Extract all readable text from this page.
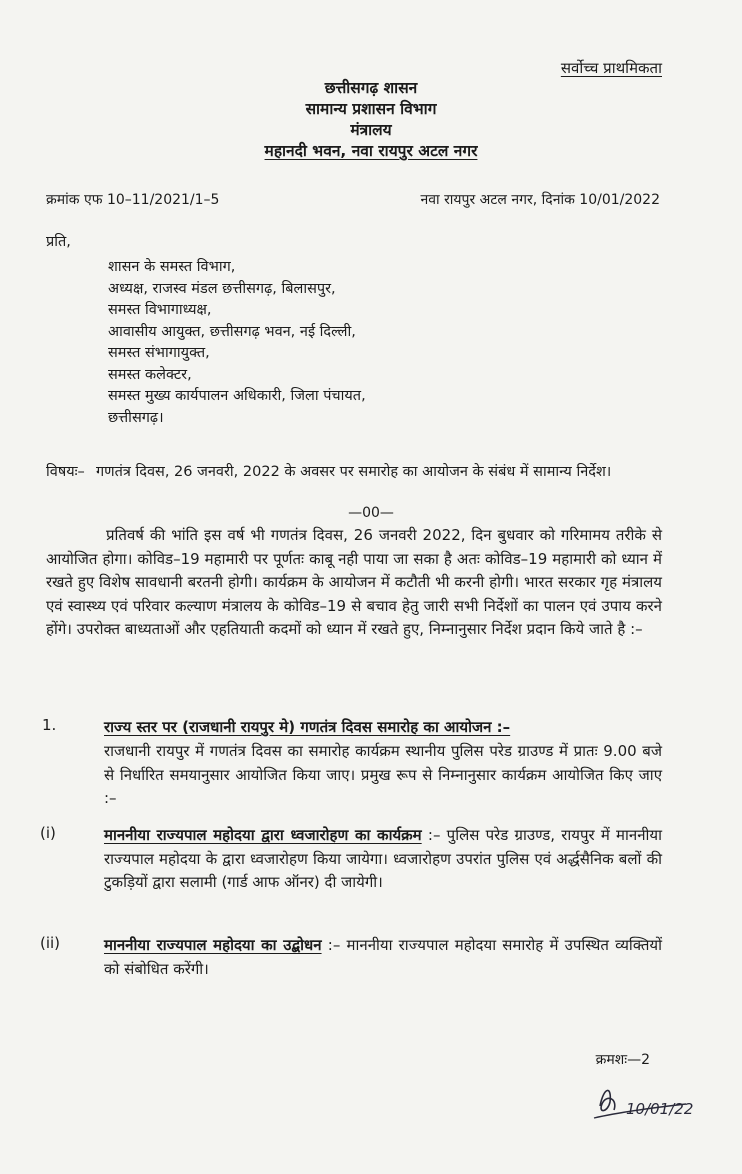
सर्वोच्च प्राथमिकता
छत्तीसगढ़ शासन
सामान्य प्रशासन विभाग
मंत्रालय
महानदी भवन, नवा रायपुर अटल नगर
क्रमांक एफ 10–11/2021/1–5	नवा रायपुर अटल नगर, दिनांक 10/01/2022
प्रति,
शासन के समस्त विभाग,
अध्यक्ष, राजस्व मंडल छत्तीसगढ़, बिलासपुर,
समस्त विभागाध्यक्ष,
आवासीय आयुक्त, छत्तीसगढ़ भवन, नई दिल्ली,
समस्त संभागायुक्त,
समस्त कलेक्टर,
समस्त मुख्य कार्यपालन अधिकारी, जिला पंचायत,
छत्तीसगढ़।
विषयः– गणतंत्र दिवस, 26 जनवरी, 2022 के अवसर पर समारोह का आयोजन के संबंध में सामान्य निर्देश।
—00—
प्रतिवर्ष की भांति इस वर्ष भी गणतंत्र दिवस, 26 जनवरी 2022, दिन बुधवार को गरिमामय तरीके से आयोजित होगा। कोविड–19 महामारी पर पूर्णतः काबू नही पाया जा सका है अतः कोविड–19 महामारी को ध्यान में रखते हुए विशेष सावधानी बरतनी होगी। कार्यक्रम के आयोजन में कटौती भी करनी होगी। भारत सरकार गृह मंत्रालय एवं स्वास्थ्य एवं परिवार कल्याण मंत्रालय के कोविड–19 से बचाव हेतु जारी सभी निर्देशों का पालन एवं उपाय करने होंगे। उपरोक्त बाध्यताओं और एहतियाती कदमों को ध्यान में रखते हुए, निम्नानुसार निर्देश प्रदान किये जाते है :–
1.	राज्य स्तर पर (राजधानी रायपुर मे) गणतंत्र दिवस समारोह का आयोजन :–
राजधानी रायपुर में गणतंत्र दिवस का समारोह कार्यक्रम स्थानीय पुलिस परेड ग्राउण्ड में प्रातः 9.00 बजे से निर्धारित समयानुसार आयोजित किया जाए। प्रमुख रूप से निम्नानुसार कार्यक्रम आयोजित किए जाए :–
(i)	माननीया राज्यपाल महोदया द्वारा ध्वजारोहण का कार्यक्रम :– पुलिस परेड ग्राउण्ड, रायपुर में माननीया राज्यपाल महोदया के द्वारा ध्वजारोहण किया जायेगा। ध्वजारोहण उपरांत पुलिस एवं अर्द्धसैनिक बलों की टुकड़ियों द्वारा सलामी (गार्ड आफ ऑनर) दी जायेगी।
(ii)	माननीया राज्यपाल महोदया का उद्बोधन :– माननीया राज्यपाल महोदया समारोह में उपस्थित व्यक्तियों को संबोधित करेंगी।
क्रमशः—2
10/01/22
